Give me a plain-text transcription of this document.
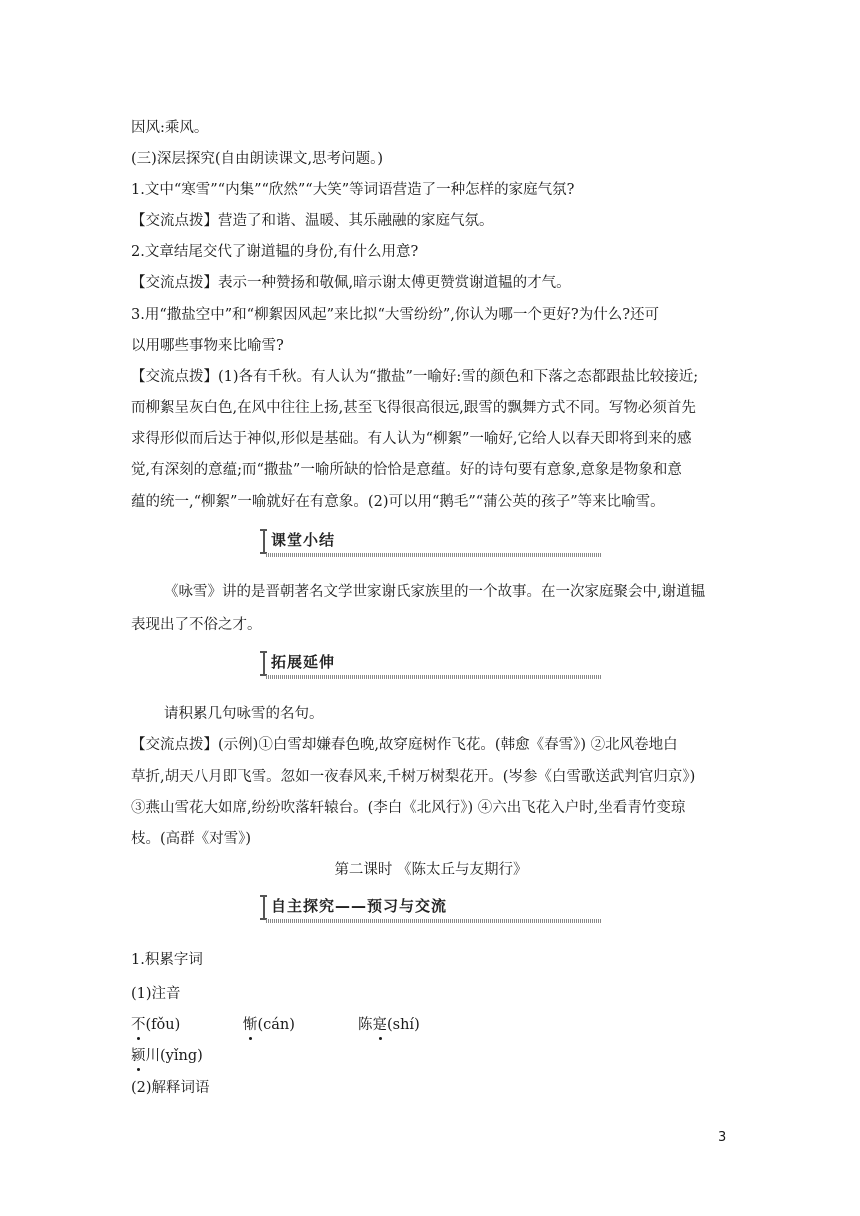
因风:乘风。
(三)深层探究(自由朗读课文,思考问题。)
1.文中“寒雪”“内集”“欣然”“大笑”等词语营造了一种怎样的家庭气氛?
【交流点拨】营造了和谐、温暖、其乐融融的家庭气氛。
2.文章结尾交代了谢道韫的身份,有什么用意?
【交流点拨】表示一种赞扬和敬佩,暗示谢太傅更赞赏谢道韫的才气。
3.用“撒盐空中”和“柳絮因风起”来比拟“大雪纷纷”,你认为哪一个更好?为什么?还可
以用哪些事物来比喻雪?
【交流点拨】(1)各有千秋。有人认为“撒盐”一喻好:雪的颜色和下落之态都跟盐比较接近;
而柳絮呈灰白色,在风中往往上扬,甚至飞得很高很远,跟雪的飘舞方式不同。写物必须首先
求得形似而后达于神似,形似是基础。有人认为“柳絮”一喻好,它给人以春天即将到来的感
觉,有深刻的意蕴;而“撒盐”一喻所缺的恰恰是意蕴。好的诗句要有意象,意象是物象和意
蕴的统一,“柳絮”一喻就好在有意象。(2)可以用“鹅毛”“蒲公英的孩子”等来比喻雪。
课堂小结
《咏雪》讲的是晋朝著名文学世家谢氏家族里的一个故事。在一次家庭聚会中,谢道韫
表现出了不俗之才。
拓展延伸
请积累几句咏雪的名句。
【交流点拨】(示例)①白雪却嫌春色晚,故穿庭树作飞花。(韩愈《春雪》) ②北风卷地白
草折,胡天八月即飞雪。忽如一夜春风来,千树万树梨花开。(岑参《白雪歌送武判官归京》)
③燕山雪花大如席,纷纷吹落轩辕台。(李白《北风行》) ④六出飞花入户时,坐看青竹变琼
枝。(高群《对雪》)
第二课时 《陈太丘与友期行》
自主探究——预习与交流
1.积累字词
(1)注音
不(fǒu)	惭(cán)	陈寔(shí)
颍川(yǐng)
(2)解释词语
3
